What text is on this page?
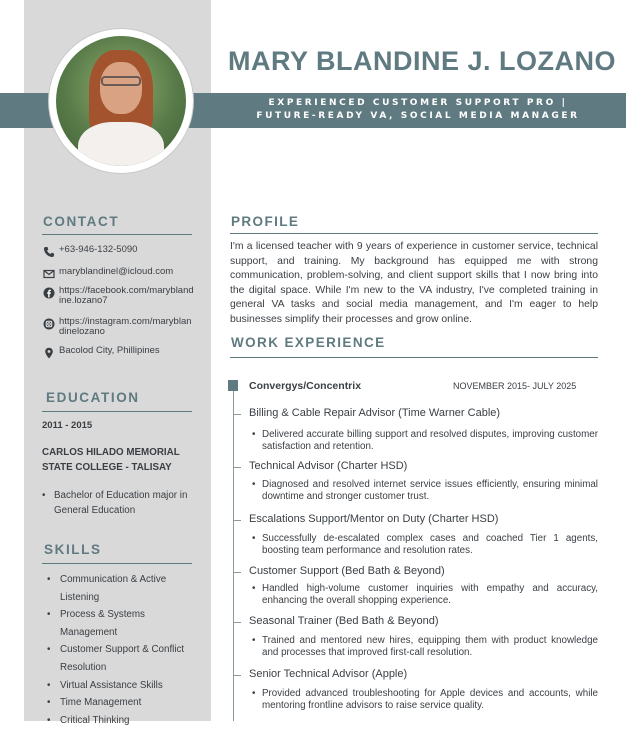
MARY BLANDINE J. LOZANO
EXPERIENCED CUSTOMER SUPPORT PRO |
FUTURE-READY VA, SOCIAL MEDIA MANAGER
CONTACT
+63-946-132-5090
maryblandinel@icloud.com
https://facebook.com/maryblandine.lozano7
https://instagram.com/maryblandinelozano
Bacolod City, Phillipines
EDUCATION
2011 - 2015
CARLOS HILADO MEMORIAL STATE COLLEGE - TALISAY
• Bachelor of Education major in General Education
SKILLS
• Communication & Active Listening
• Process & Systems Management
• Customer Support & Conflict Resolution
• Virtual Assistance Skills
• Time Management
• Critical Thinking
PROFILE

I'm a licensed teacher with 9 years of experience in customer service, technical support, and training. My background has equipped me with strong communication, problem-solving, and client support skills that I now bring into the digital space. While I'm new to the VA industry, I've completed training in general VA tasks and social media management, and I'm eager to help businesses simplify their processes and grow online.

WORK EXPERIENCE
Convergys/Concentrix	NOVEMBER 2015- JULY 2025
Billing & Cable Repair Advisor (Time Warner Cable)
• Delivered accurate billing support and resolved disputes, improving customer satisfaction and retention.
Technical Advisor (Charter HSD)
• Diagnosed and resolved internet service issues efficiently, ensuring minimal downtime and stronger customer trust.
Escalations Support/Mentor on Duty (Charter HSD)
• Successfully de-escalated complex cases and coached Tier 1 agents, boosting team performance and resolution rates.
Customer Support (Bed Bath & Beyond)
• Handled high-volume customer inquiries with empathy and accuracy, enhancing the overall shopping experience.
Seasonal Trainer (Bed Bath & Beyond)
• Trained and mentored new hires, equipping them with product knowledge and processes that improved first-call resolution.
Senior Technical Advisor (Apple)
• Provided advanced troubleshooting for Apple devices and accounts, while mentoring frontline advisors to raise service quality.
